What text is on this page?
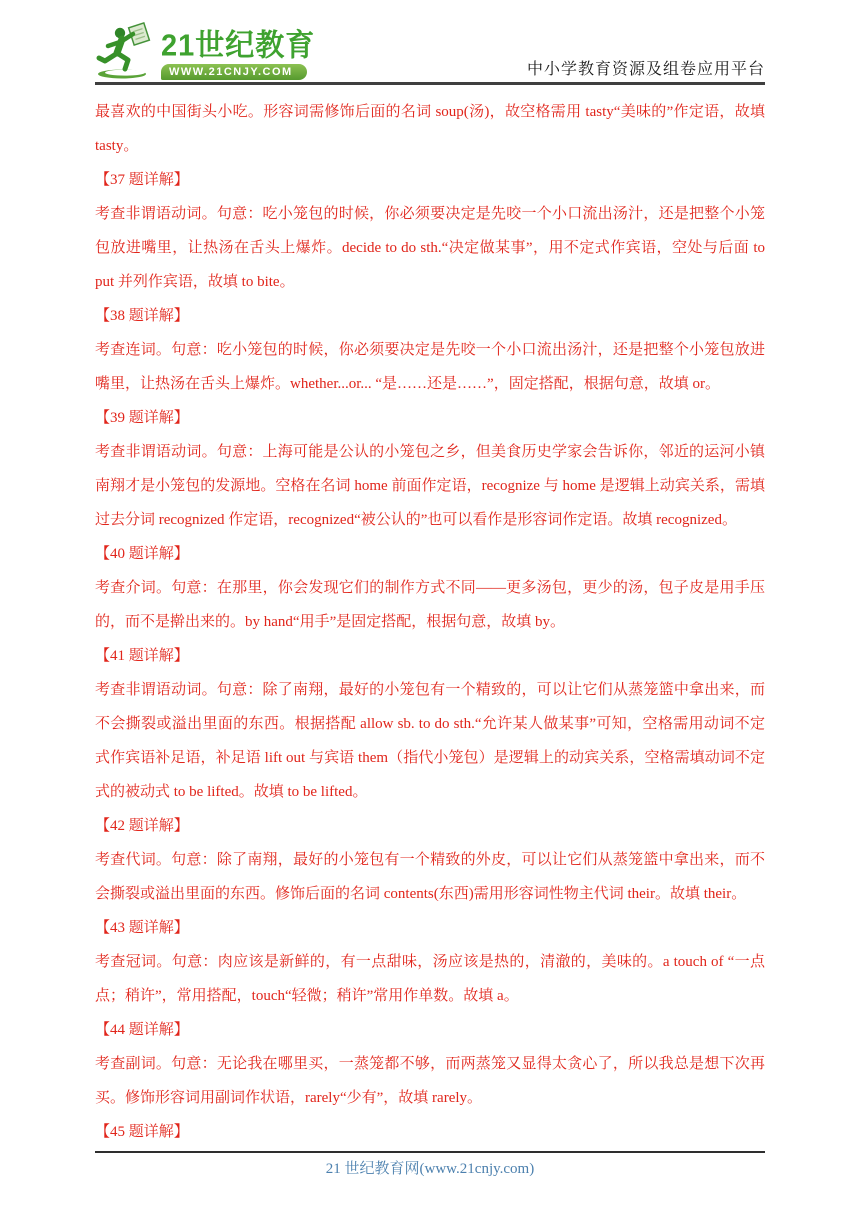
21世纪教育
WWW.21CNJY.COM	中小学教育资源及组卷应用平台

最喜欢的中国街头小吃。形容词需修饰后面的名词 soup(汤)，故空格需用 tasty“美味的”作定语，故填 tasty。

【37 题详解】

考查非谓语动词。句意：吃小笼包的时候，你必须要决定是先咬一个小口流出汤汁，还是把整个小笼包放进嘴里，让热汤在舌头上爆炸。decide to do sth.“决定做某事”，用不定式作宾语，空处与后面 to put 并列作宾语，故填 to bite。

【38 题详解】

考查连词。句意：吃小笼包的时候，你必须要决定是先咬一个小口流出汤汁，还是把整个小笼包放进嘴里，让热汤在舌头上爆炸。whether...or... “是……还是……”，固定搭配，根据句意，故填 or。

【39 题详解】

考查非谓语动词。句意：上海可能是公认的小笼包之乡，但美食历史学家会告诉你，邻近的运河小镇南翔才是小笼包的发源地。空格在名词 home 前面作定语，recognize 与 home 是逻辑上动宾关系，需填过去分词 recognized 作定语，recognized“被公认的”也可以看作是形容词作定语。故填 recognized。

【40 题详解】

考查介词。句意：在那里，你会发现它们的制作方式不同——更多汤包，更少的汤，包子皮是用手压的，而不是擀出来的。by hand“用手”是固定搭配，根据句意，故填 by。

【41 题详解】

考查非谓语动词。句意：除了南翔，最好的小笼包有一个精致的，可以让它们从蒸笼篮中拿出来，而不会撕裂或溢出里面的东西。根据搭配 allow sb. to do sth.“允许某人做某事”可知，空格需用动词不定式作宾语补足语，补足语 lift out 与宾语 them（指代小笼包）是逻辑上的动宾关系，空格需填动词不定式的被动式 to be lifted。故填 to be lifted。

【42 题详解】

考查代词。句意：除了南翔，最好的小笼包有一个精致的外皮，可以让它们从蒸笼篮中拿出来，而不会撕裂或溢出里面的东西。修饰后面的名词 contents(东西)需用形容词性物主代词 their。故填 their。

【43 题详解】

考查冠词。句意：肉应该是新鲜的，有一点甜味，汤应该是热的，清澈的，美味的。a touch of “一点点；稍许”，常用搭配，touch“轻微；稍许”常用作单数。故填 a。

【44 题详解】

考查副词。句意：无论我在哪里买，一蒸笼都不够，而两蒸笼又显得太贪心了，所以我总是想下次再买。修饰形容词用副词作状语，rarely“少有”，故填 rarely。

【45 题详解】

21 世纪教育网(www.21cnjy.com)
